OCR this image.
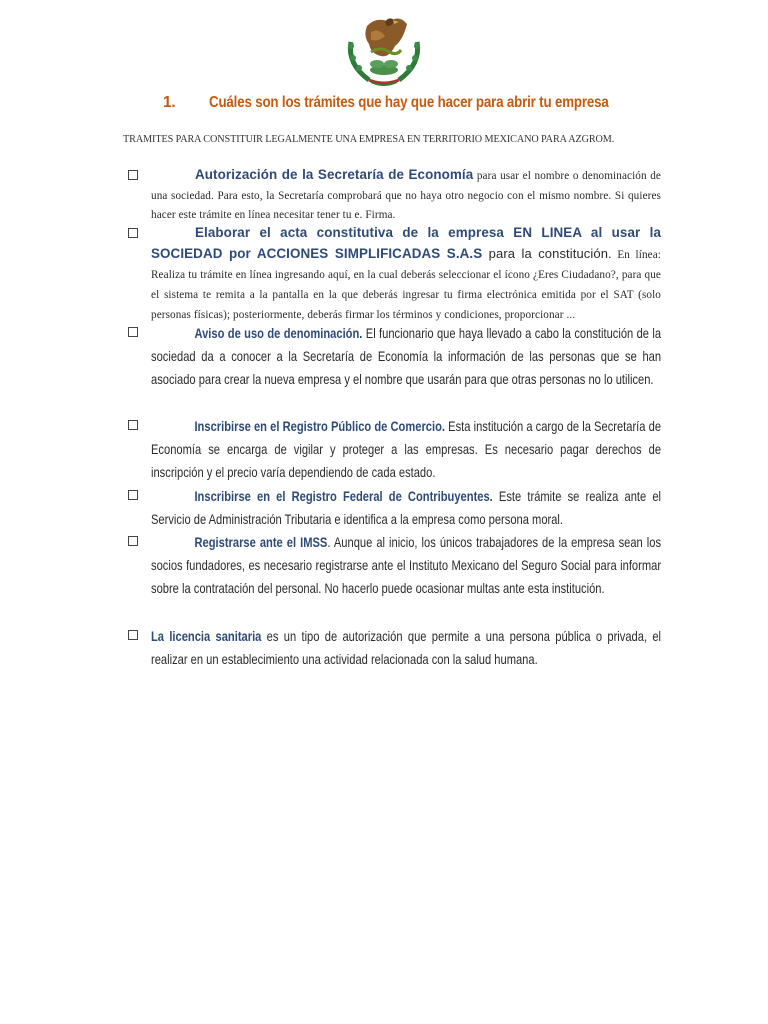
1. Cuáles son los trámites que hay que hacer para abrir tu empresa
TRAMITES PARA CONSTITUIR LEGALMENTE UNA EMPRESA EN TERRITORIO MEXICANO PARA AZGROM.
Autorización de la Secretaría de Economía para usar el nombre o denominación de una sociedad. Para esto, la Secretaría comprobará que no haya otro negocio con el mismo nombre. Si quieres hacer este trámite en línea necesitar tener tu e. Firma.
Elaborar el acta constitutiva de la empresa EN LINEA al usar la SOCIEDAD por ACCIONES SIMPLIFICADAS S.A.S para la constitución. En línea: Realiza tu trámite en línea ingresando aquí, en la cual deberás seleccionar el ícono ¿Eres Ciudadano?, para que el sistema te remita a la pantalla en la que deberás ingresar tu firma electrónica emitida por el SAT (solo personas físicas); posteriormente, deberás firmar los términos y condiciones, proporcionar ...
Aviso de uso de denominación. El funcionario que haya llevado a cabo la constitución de la sociedad da a conocer a la Secretaría de Economía la información de las personas que se han asociado para crear la nueva empresa y el nombre que usarán para que otras personas no lo utilicen.
Inscribirse en el Registro Público de Comercio. Esta institución a cargo de la Secretaría de Economía se encarga de vigilar y proteger a las empresas. Es necesario pagar derechos de inscripción y el precio varía dependiendo de cada estado.
Inscribirse en el Registro Federal de Contribuyentes. Este trámite se realiza ante el Servicio de Administración Tributaria e identifica a la empresa como persona moral.
Registrarse ante el IMSS. Aunque al inicio, los únicos trabajadores de la empresa sean los socios fundadores, es necesario registrarse ante el Instituto Mexicano del Seguro Social para informar sobre la contratación del personal. No hacerlo puede ocasionar multas ante esta institución.
La licencia sanitaria es un tipo de autorización que permite a una persona pública o privada, el realizar en un establecimiento una actividad relacionada con la salud humana.
